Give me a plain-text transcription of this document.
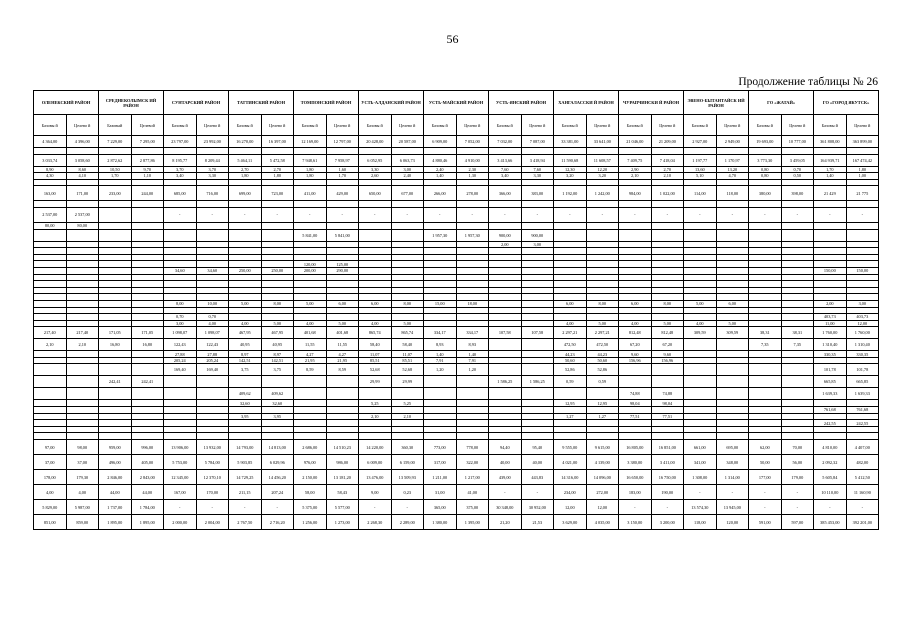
56
Продолжение таблицы № 26
ОЛЕНЕКСКИЙ РАЙОН		СРЕДНЕКОЛЫМСК ИЙ РАЙОН		СУНТАРСКИЙ РАЙОН		ТАТТИНСКИЙ РАЙОН		ТОМПОНСКИЙ РАЙОН		УСТЬ-АЛДАНСКИЙ РАЙОН		УСТЬ-МАЙСКИЙ РАЙОН		УСТЬ-ЯНСКИЙ РАЙОН		ХАНГАЛАССКИ Й РАЙОН		ЧУРАПЧИНСКИ Й РАЙОН		ЭВЕНО-БЫТАНТАЙСК ИЙ РАЙОН		ГО «ЖАТАЙ»		ГО «ГОРОД ЯКУТСК»	
Базовы й	Целево й	Базовый	Целевой	Базовы й	Целево й	Базовы й	Целево й	Базовы й	Целево й	Базовы й	Целево й	Базовы й	Целево й	Базовы й	Целево й	Базовы й	Целево й	Базовы й	Целево й	Базовы й	Целево й	Базовы й	Целево й	Базовы й	Целево й
4 364,00	4 396,00	7 229,00	7 295,00	23 797,00	23 992,00	16 270,00	16 397,00	12 169,00	12 797,00	20 428,00	20 587,00	6 909,00	7 052,00	7 032,00	7 087,00	33 381,00	33 641,00	21 046,00	21 209,00	2 927,00	2 949,00	19 693,00	10 777,00	361 808,00	363 899,00

3 033,74	3 058,60	2 872,62	2 877,86	8 195,77	8 209,44	5 464,11	5 472,58	7 948,61	7 958,97	6 052,95	6 063,73	4 880,46	4 910,00	3 413,66	3 418,94	11 590,68	11 608,57	7 409,75	7 418,04	1 197,77	1 170,97	3 773,30	3 459,05	164 939,71	167 474,42
8,90	8,60	10,50	9,70	3,70	3,70	2,70	2,70	1,80	1,60	3,30	3,00	2,40	2,30	7,60	7,60	12,30	12,20	2,90	2,70	13,60	13,20	0,80	0,70	1,70	1,80
4,30	4,10	1,70	1,10	3,40	3,30	1,80	1,80	1,80	1,70	2,60	2,40	1,40	1,30	3,40	3,30	3,20	3,20	2,10	2,10	5,10	4,70	0,80	0,50	1,40	1,00

163,00	171,00	233,00	244,00	685,00	716,00	699,00	723,00	411,00	429,00	650,00	677,00	266,00	278,00	366,00	383,00	1 192,00	1 242,00	984,00	1 022,00	114,00	118,00	380,00	398,00	21 429	21 775

2 537,00	2 537,00			-	-	-	-	-	-	-	-	-	-	-	-	-	-	-	-	-	-	-	-	-	-
80,00	80,00																								
								5 841,00	5 841,00			1 957,30	1 957,30	900,00	900,00										
														2,00	3,00										

								120,00	125,00																
				34,60	34,60	250,00	250,00	200,00	290,00															150,00	150,00

				8,00	10,00	5,00	8,00	5,00	6,00	6,00	8,00	15,00	18,00			6,00	8,00	6,00	8,00	5,00	6,00			2,00	3,00

				0,70	0,70																			403,73	403,73
				3,00	4,00	4,00	5,00	4,00	5,00	4,00	5,00					4,00	5,00	4,00	5,00	4,00	5,00			11,00	12,00
217,40	217,40	171,05	171,05	1 098,07	1 098,07	467,95	467,95	401,68	401,68	865,74	865,74	334,17	334,17	107,58	107,58	2 297,21	2 297,21	812,48	812,48	309,59	309,59	38,31	38,31	1 760,00	1 760,00
2,10	2,10	16,80	16,80	122,43	122,43	40,95	40,95	11,55	11,55	58,40	58,40	8,93	8,93			472,50	472,50	67,20	67,20			7,35	7,35	1 310,40	1 310,40
				27,88	27,88	8,97	8,97	4,27	4,27	11,07	11,07	1,40	1,40			44,23	44,23	9,60	9,60					330,35	330,35
				205,24	205,24	142,51	142,51	21,95	21,95	85,51	85,51	7,91	7,91			50,60	50,60	156,96	156,96						
				169,40	169,40	3,75	3,75	8,59	8,59	52,68	52,68	1,20	1,20			52,86	52,86							101,78	101,78
		242,41	242,41							29,99	29,99			1 586,25	1 586,25	0,59	0,59							665,85	665,85
						409,62	409,62											74,88	74,88					1 639,33	1 639,33
						32,60	32,60			5,25	5,25					12,95	12,95	98,04	98,04						
																								761,68	761,68
						3,95	3,95			2,10	2,10					1,27	1,27	77,51	77,51						
																								242,55	242,55

97,00	98,00	959,00	996,00	13 906,00	13 932,00	14 793,00	14 813,00	2 686,00	14 510,23	14 220,00	360,30	773,00	778,00	94,40	95,40	9 555,00	9 615,00	16 805,00	16 851,00	661,00	695,00	62,00	70,00	4 810,00	4 407,00
37,00	37,00	496,00	405,00	5 753,00	5 784,00	5 903,85	6 029,96	976,00	986,00	6 009,00	6 159,00	317,00	322,00	40,00	40,00	4 021,00	4 139,00	3 380,00	3 411,00	341,00	348,00	50,00	56,00	2 092,32	482,00
178,00	179,30	2 846,00	2 843,00	12 345,00	12 370,10	14 729,25	14 456,20	2 150,00	13 181,20	13 476,00	13 509,93	1 211,00	1 217,00	439,00	443,83	14 316,00	14 096,00	16 650,00	16 750,00	1 308,00	1 314,00	177,00	179,00	5 605,84	5 412,50
4,00	4,00	44,00	44,00	167,00	170,00	211,15	207,24	58,00	58,43	9,00	0,23	31,00	41,00	-	-	234,00	272,00	183,00	190,00	-	-	-	-	10 110,00	11 160,90
5 829,00	5 987,00	1 737,00	1 784,00	-	-	-	-	5 375,00	5 577,00	-	-	365,00	375,00	30 348,00	30 952,00	12,00	12,00	-	-	13 574,30	13 945,00	-	-	-	-
851,00	859,00	1 895,00	1 895,00	2 000,00	2 004,00	2 767,50	2 716,20	1 256,00	1 273,00	2 268,30	2 289,00	1 380,00	1 395,00	21,20	21,53	3 629,00	4 035,00	3 150,00	3 200,00	118,00	120,00	591,00	597,00	385 453,00	392 201,00
